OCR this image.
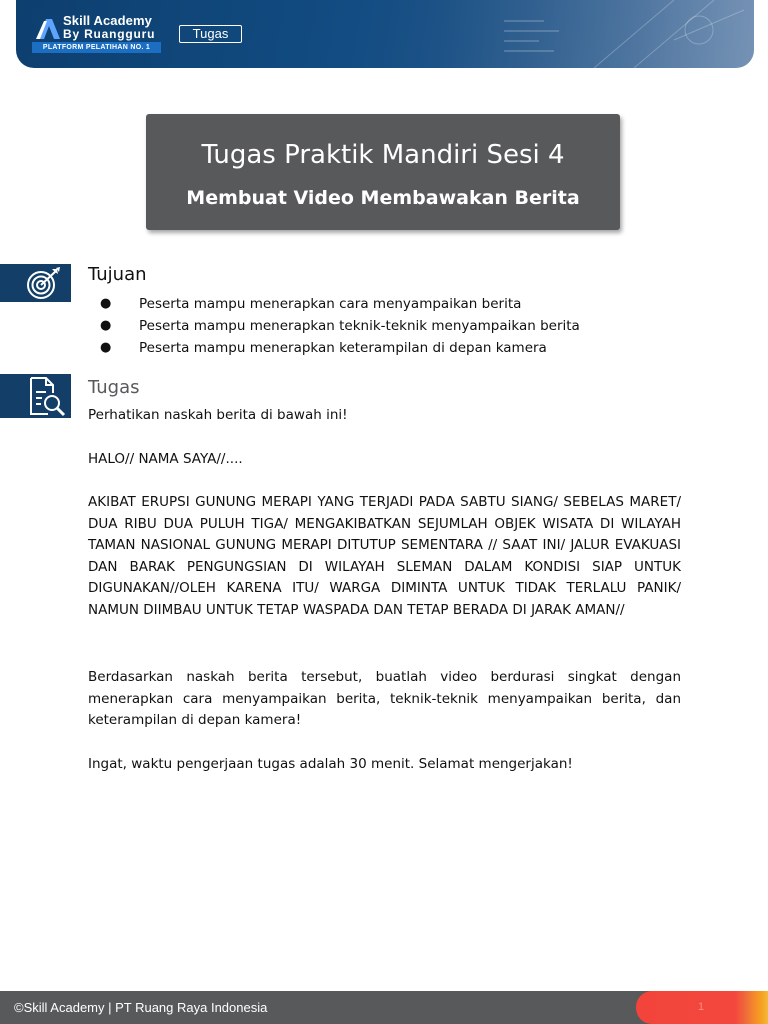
Skill Academy
By Ruangguru
PLATFORM PELATIHAN NO. 1
Tugas
Tugas Praktik Mandiri Sesi 4
Membuat Video Membawakan Berita
Tujuan
● Peserta mampu menerapkan cara menyampaikan berita
● Peserta mampu menerapkan teknik-teknik menyampaikan berita
● Peserta mampu menerapkan keterampilan di depan kamera
Tugas
Perhatikan naskah berita di bawah ini!
HALO// NAMA SAYA//....
AKIBAT ERUPSI GUNUNG MERAPI YANG TERJADI PADA SABTU SIANG/ SEBELAS MARET/ DUA RIBU DUA PULUH TIGA/ MENGAKIBATKAN SEJUMLAH OBJEK WISATA DI WILAYAH TAMAN NASIONAL GUNUNG MERAPI DITUTUP SEMENTARA // SAAT INI/ JALUR EVAKUASI DAN BARAK PENGUNGSIAN DI WILAYAH SLEMAN DALAM KONDISI SIAP UNTUK DIGUNAKAN//OLEH KARENA ITU/ WARGA DIMINTA UNTUK TIDAK TERLALU PANIK/ NAMUN DIIMBAU UNTUK TETAP WASPADA DAN TETAP BERADA DI JARAK AMAN//
Berdasarkan naskah berita tersebut, buatlah video berdurasi singkat dengan menerapkan cara menyampaikan berita, teknik-teknik menyampaikan berita, dan keterampilan di depan kamera!
Ingat, waktu pengerjaan tugas adalah 30 menit. Selamat mengerjakan!
©Skill Academy | PT Ruang Raya Indonesia	1
